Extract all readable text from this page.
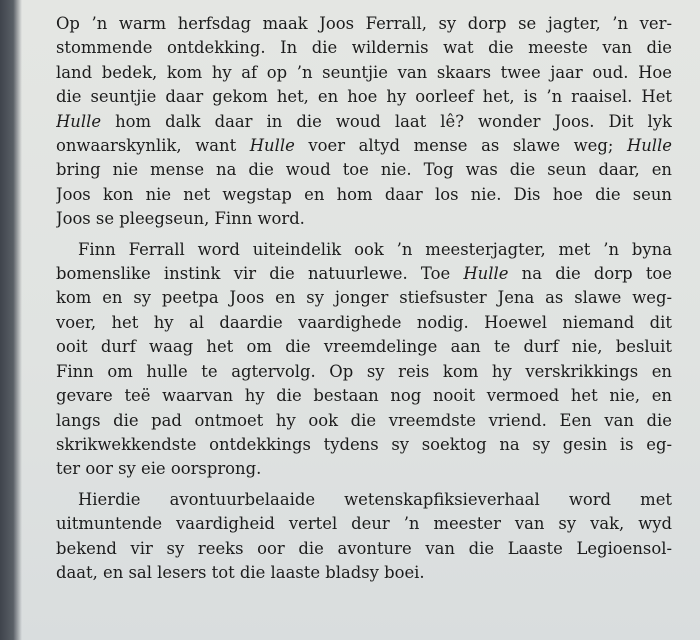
Op ’n warm herfsdag maak Joos Ferrall, sy dorp se jagter, ’n ver-
stommende ontdekking. In die wildernis wat die meeste van die
land bedek, kom hy af op ’n seuntjie van skaars twee jaar oud. Hoe
die seuntjie daar gekom het, en hoe hy oorleef het, is ’n raaisel. Het
Hulle hom dalk daar in die woud laat lê? wonder Joos. Dit lyk
onwaarskynlik, want Hulle voer altyd mense as slawe weg; Hulle
bring nie mense na die woud toe nie. Tog was die seun daar, en
Joos kon nie net wegstap en hom daar los nie. Dis hoe die seun
Joos se pleegseun, Finn word.
Finn Ferrall word uiteindelik ook ’n meesterjagter, met ’n byna
bomenslike instink vir die natuurlewe. Toe Hulle na die dorp toe
kom en sy peetpa Joos en sy jonger stiefsuster Jena as slawe weg-
voer, het hy al daardie vaardighede nodig. Hoewel niemand dit
ooit durf waag het om die vreemdelinge aan te durf nie, besluit
Finn om hulle te agtervolg. Op sy reis kom hy verskrikkings en
gevare teë waarvan hy die bestaan nog nooit vermoed het nie, en
langs die pad ontmoet hy ook die vreemdste vriend. Een van die
skrikwekkendste ontdekkings tydens sy soektog na sy gesin is eg-
ter oor sy eie oorsprong.
Hierdie avontuurbelaaide wetenskapfiksieverhaal word met
uitmuntende vaardigheid vertel deur ’n meester van sy vak, wyd
bekend vir sy reeks oor die avonture van die Laaste Legioensol-
daat, en sal lesers tot die laaste bladsy boei.
